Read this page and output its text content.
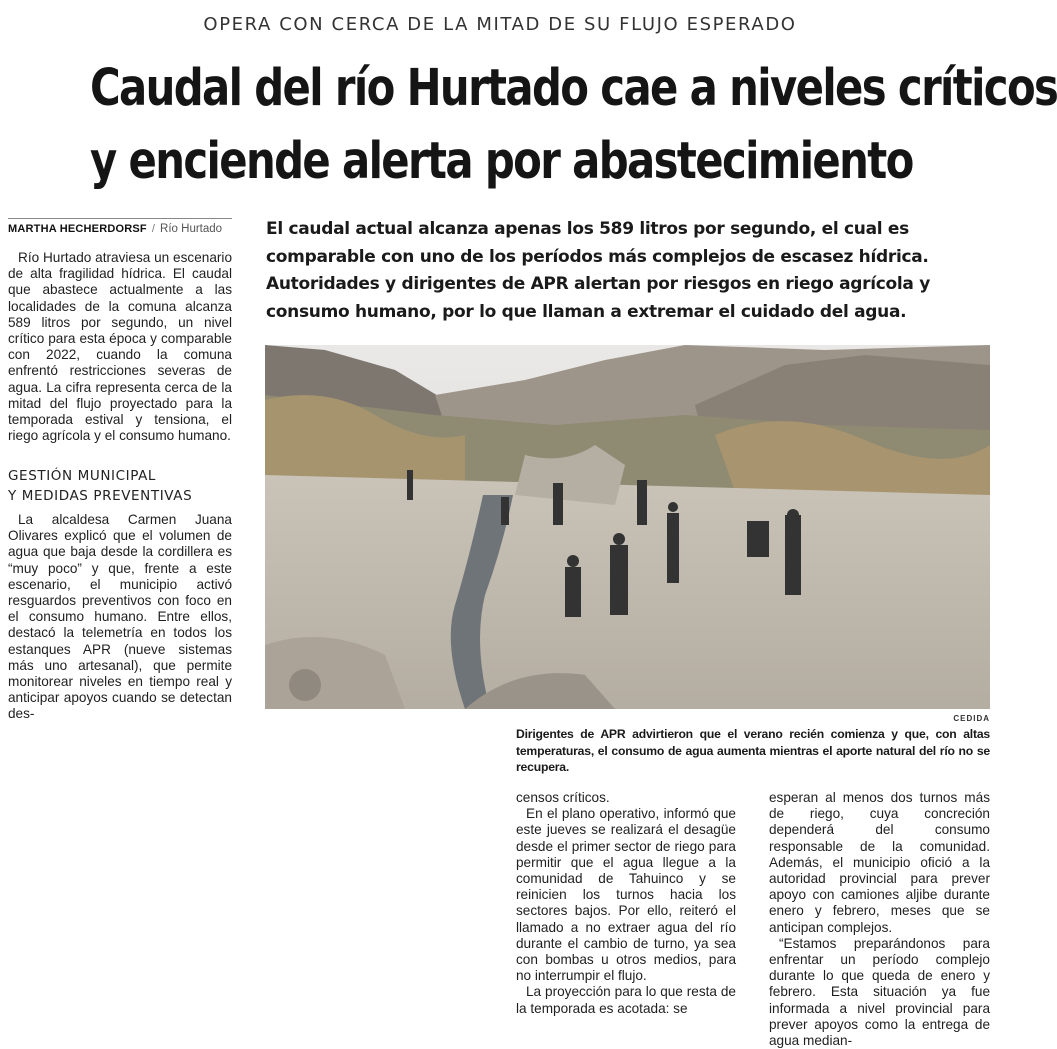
OPERA CON CERCA DE LA MITAD DE SU FLUJO ESPERADO
Caudal del río Hurtado cae a niveles críticos
y enciende alerta por abastecimiento
MARTHA HECHERDORSF / Río Hurtado

Río Hurtado atraviesa un escenario de alta fragilidad hídrica. El caudal que abastece actualmente a las localidades de la comuna alcanza 589 litros por segundo, un nivel crítico para esta época y comparable con 2022, cuando la comuna enfrentó restricciones severas de agua. La cifra representa cerca de la mitad del flujo proyectado para la temporada estival y tensiona, el riego agrícola y el consumo humano.

GESTIÓN MUNICIPAL
Y MEDIDAS PREVENTIVAS

La alcaldesa Carmen Juana Olivares explicó que el volumen de agua que baja desde la cordillera es “muy poco” y que, frente a este escenario, el municipio activó resguardos preventivos con foco en el consumo humano. Entre ellos, destacó la telemetría en todos los estanques APR (nueve sistemas más uno artesanal), que permite monitorear niveles en tiempo real y anticipar apoyos cuando se detectan des-

El caudal actual alcanza apenas los 589 litros por segundo, el cual es comparable con uno de los períodos más complejos de escasez hídrica. Autoridades y dirigentes de APR alertan por riesgos en riego agrícola y consumo humano, por lo que llaman a extremar el cuidado del agua.
CEDIDA
Dirigentes de APR advirtieron que el verano recién comienza y que, con altas temperaturas, el consumo de agua aumenta mientras el aporte natural del río no se recupera.

censos críticos.

En el plano operativo, informó que este jueves se realizará el desagüe desde el primer sector de riego para permitir que el agua llegue a la comunidad de Tahuinco y se reinicien los turnos hacia los sectores bajos. Por ello, reiteró el llamado a no extraer agua del río durante el cambio de turno, ya sea con bombas u otros medios, para no interrumpir el flujo.

La proyección para lo que resta de la temporada es acotada: se

esperan al menos dos turnos más de riego, cuya concreción dependerá del consumo responsable de la comunidad. Además, el municipio ofició a la autoridad provincial para prever apoyo con camiones aljibe durante enero y febrero, meses que se anticipan complejos.

“Estamos preparándonos para enfrentar un período complejo durante lo que queda de enero y febrero. Esta situación ya fue informada a nivel provincial para prever apoyos como la entrega de agua median-
